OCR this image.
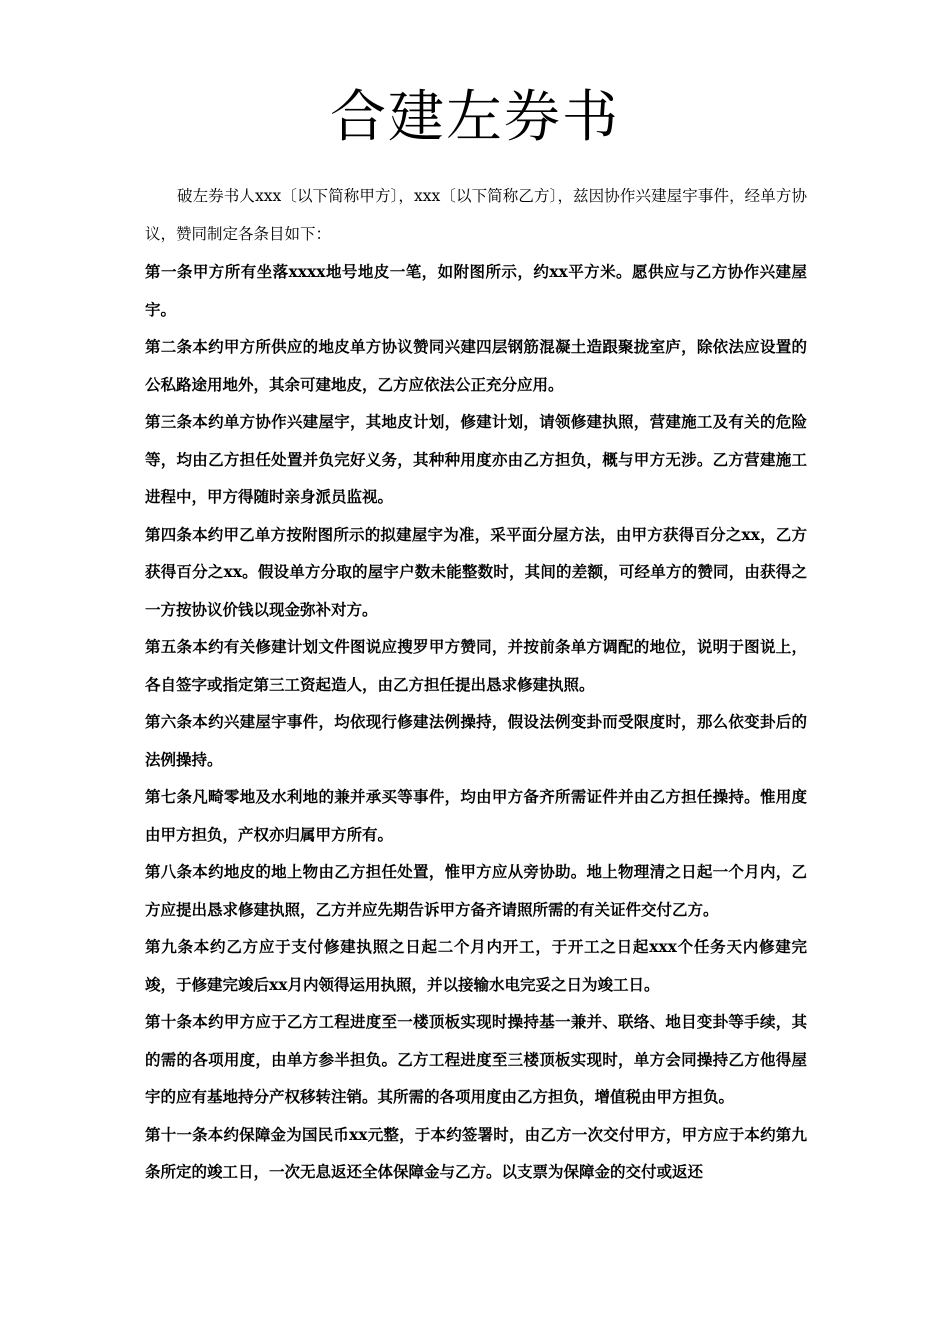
合建左券书

破左券书人xxx〔以下简称甲方〕，xxx〔以下简称乙方〕，兹因协作兴建屋宇事件，经单方协议，赞同制定各条目如下：

第一条甲方所有坐落xxxx地号地皮一笔，如附图所示，约xx平方米。愿供应与乙方协作兴建屋宇。

第二条本约甲方所供应的地皮单方协议赞同兴建四层钢筋混凝土造跟聚拢室庐，除依法应设置的公私路途用地外，其余可建地皮，乙方应依法公正充分应用。

第三条本约单方协作兴建屋宇，其地皮计划，修建计划，请领修建执照，营建施工及有关的危险等，均由乙方担任处置并负完好义务，其种种用度亦由乙方担负，概与甲方无涉。乙方营建施工进程中，甲方得随时亲身派员监视。

第四条本约甲乙单方按附图所示的拟建屋宇为准，采平面分屋方法，由甲方获得百分之xx，乙方获得百分之xx。假设单方分取的屋宇户数未能整数时，其间的差额，可经单方的赞同，由获得之一方按协议价钱以现金弥补对方。

第五条本约有关修建计划文件图说应搜罗甲方赞同，并按前条单方调配的地位，说明于图说上，各自签字或指定第三工资起造人，由乙方担任提出恳求修建执照。

第六条本约兴建屋宇事件，均依现行修建法例操持，假设法例变卦而受限度时，那么依变卦后的法例操持。

第七条凡畸零地及水利地的兼并承买等事件，均由甲方备齐所需证件并由乙方担任操持。惟用度由甲方担负，产权亦归属甲方所有。

第八条本约地皮的地上物由乙方担任处置，惟甲方应从旁协助。地上物理清之日起一个月内，乙方应提出恳求修建执照，乙方并应先期告诉甲方备齐请照所需的有关证件交付乙方。

第九条本约乙方应于支付修建执照之日起二个月内开工，于开工之日起xxx个任务天内修建完竣，于修建完竣后xx月内领得运用执照，并以接输水电完妥之日为竣工日。

第十条本约甲方应于乙方工程进度至一楼顶板实现时操持基一兼并、联络、地目变卦等手续，其的需的各项用度，由单方参半担负。乙方工程进度至三楼顶板实现时，单方会同操持乙方他得屋宇的应有基地持分产权移转注销。其所需的各项用度由乙方担负，增值税由甲方担负。

第十一条本约保障金为国民币xx元整，于本约签署时，由乙方一次交付甲方，甲方应于本约第九条所定的竣工日，一次无息返还全体保障金与乙方。以支票为保障金的交付或返还
